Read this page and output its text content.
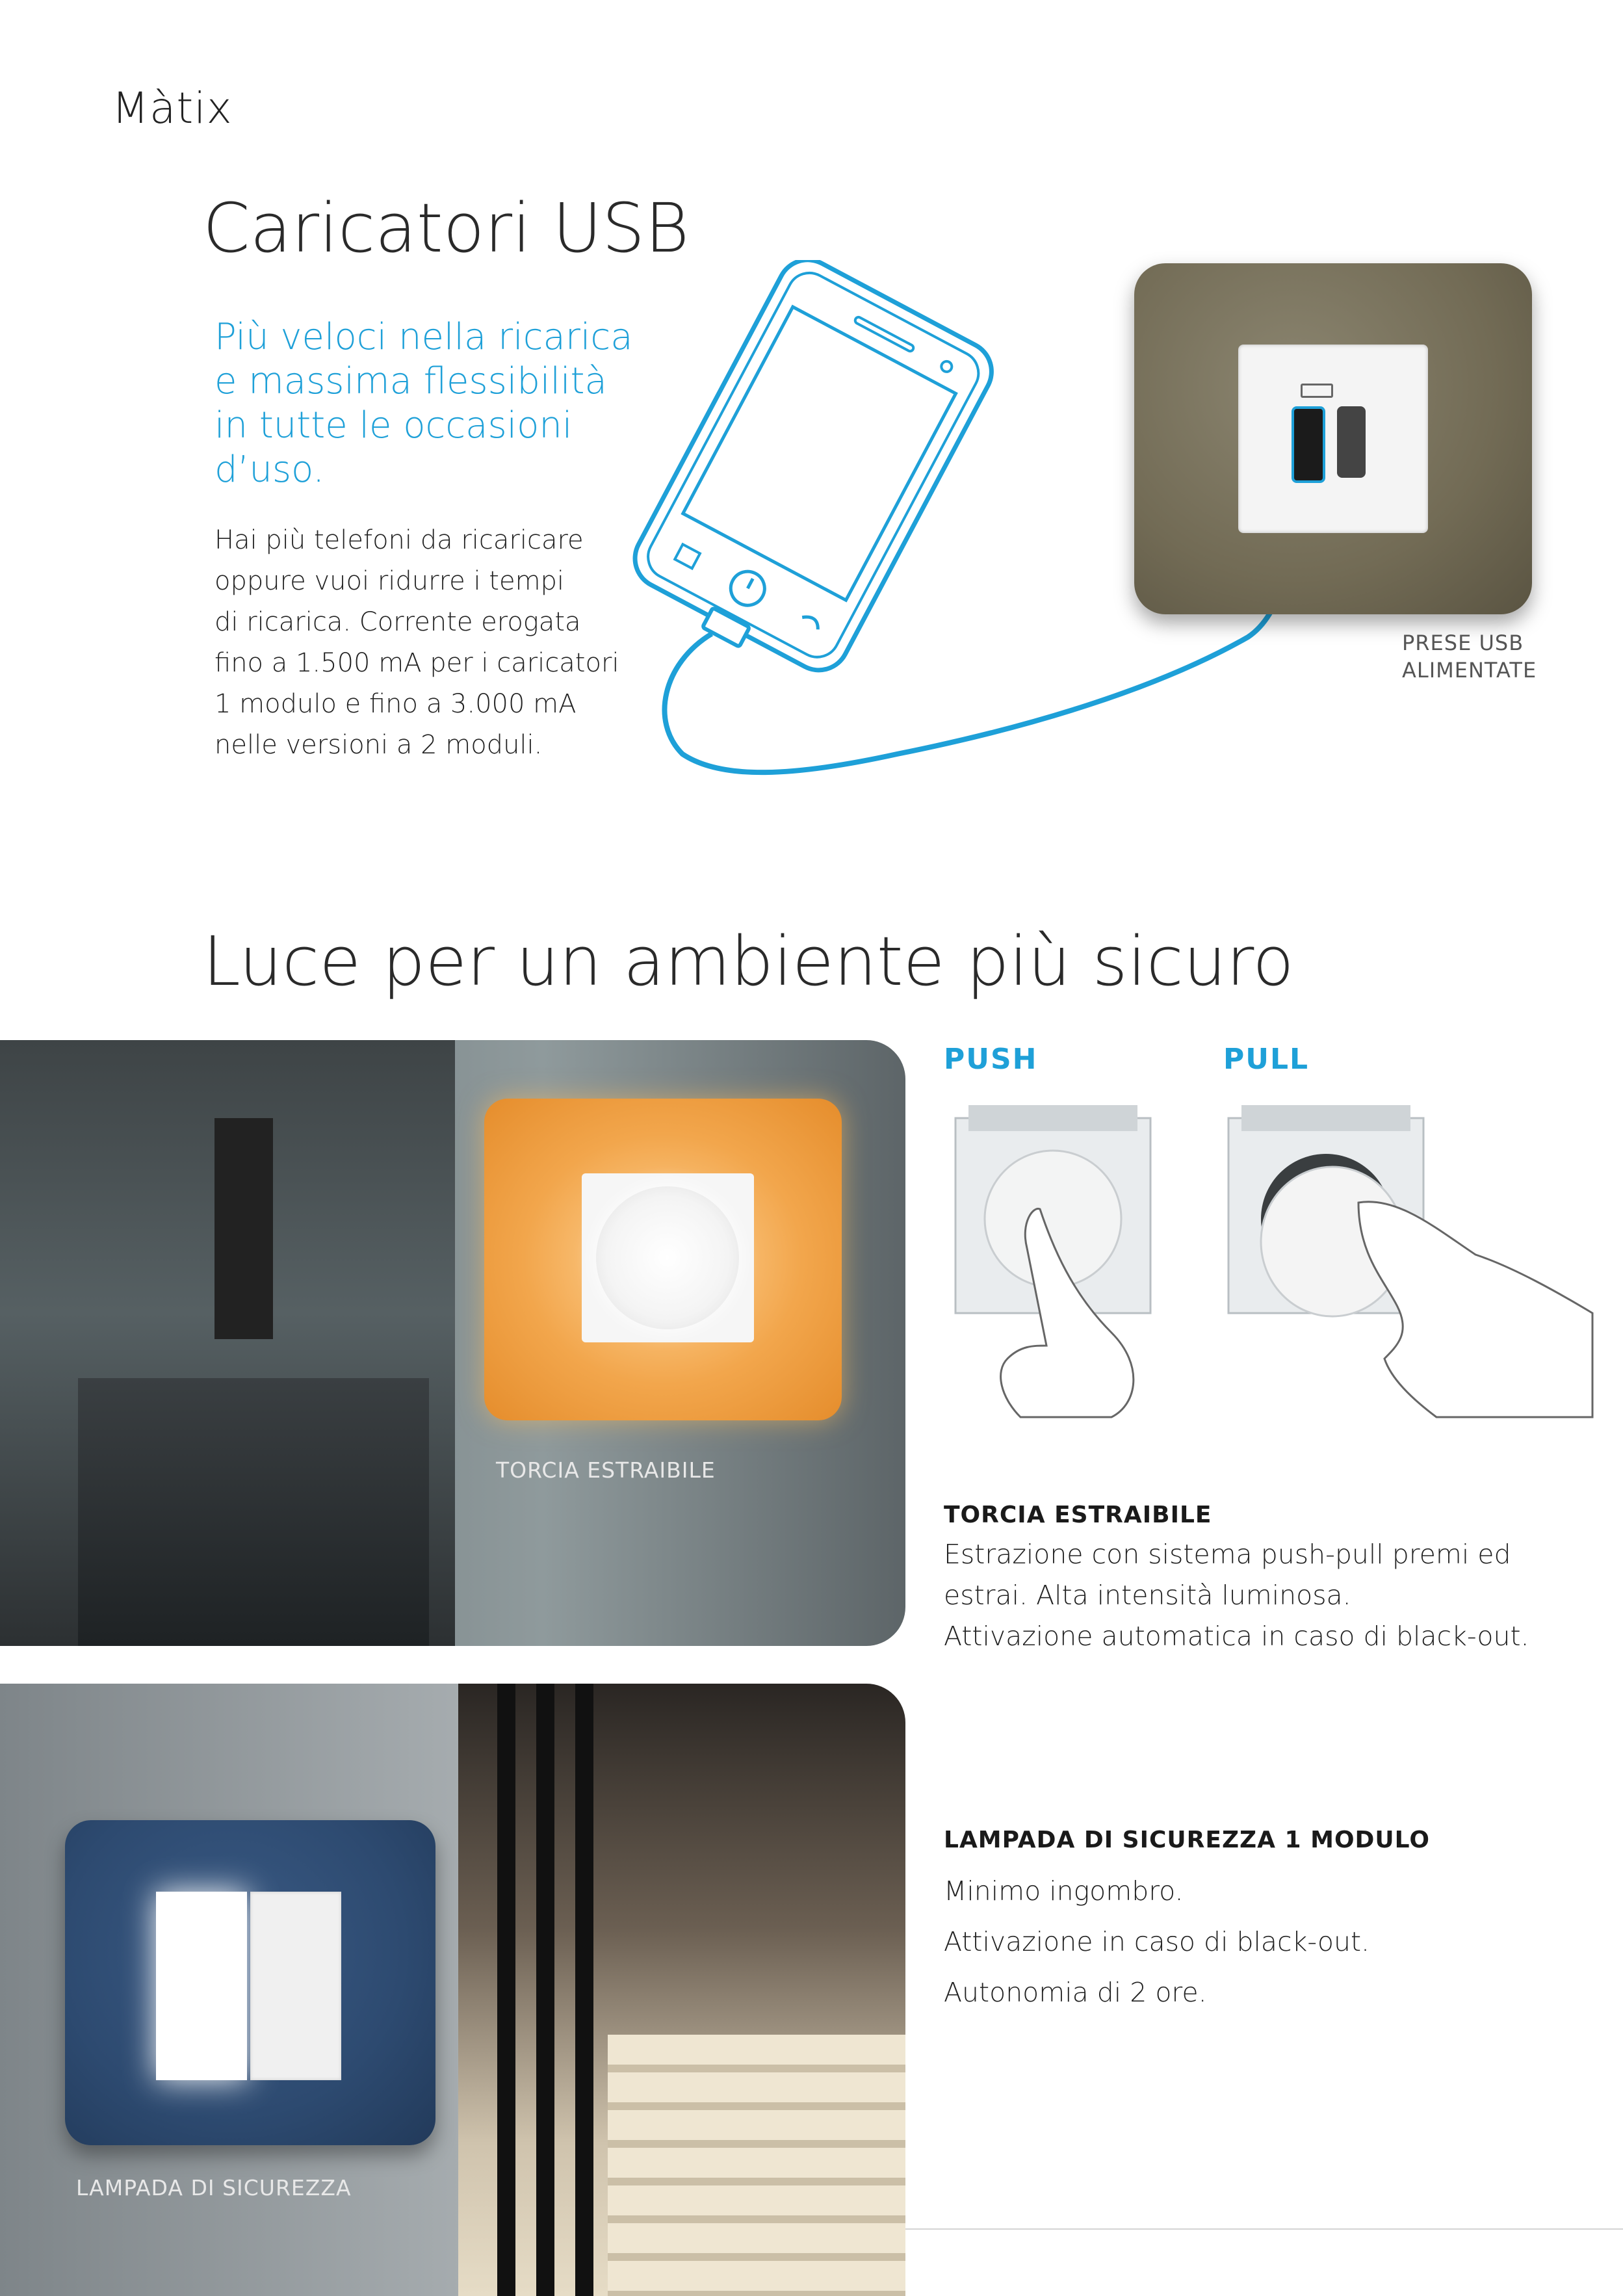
Màtix
Caricatori USB
Più veloci nella ricarica
e massima flessibilità
in tutte le occasioni
d’uso.
Hai più telefoni da ricaricare
oppure vuoi ridurre i tempi
di ricarica. Corrente erogata
fino a 1.500 mA per i caricatori
1 modulo e fino a 3.000 mA
nelle versioni a 2 moduli.
PRESE USB
ALIMENTATE
Luce per un ambiente più sicuro
TORCIA ESTRAIBILE
PUSH	PULL
TORCIA ESTRAIBILE
Estrazione con sistema push-pull premi ed
estrai. Alta intensità luminosa.
Attivazione automatica in caso di black-out.
LAMPADA DI SICUREZZA
LAMPADA DI SICUREZZA 1 MODULO
Minimo ingombro.
Attivazione in caso di black-out.
Autonomia di 2 ore.
